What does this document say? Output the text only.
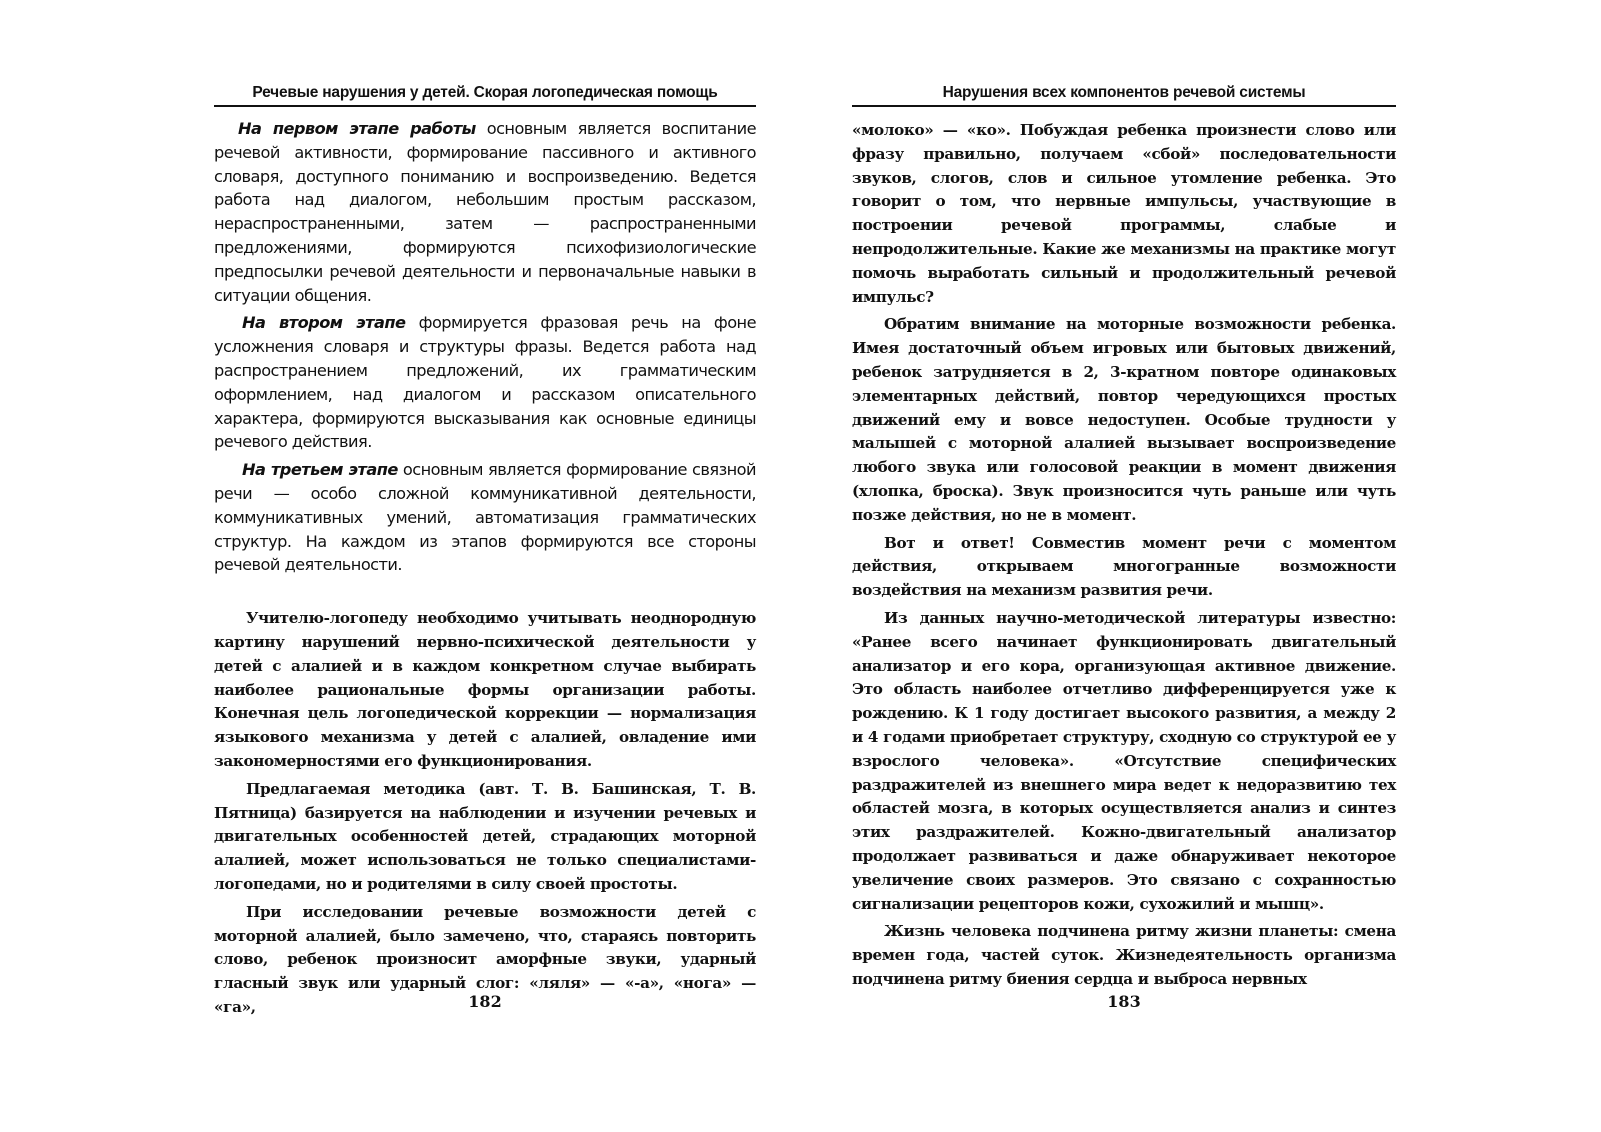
Речевые нарушения у детей. Скорая логопедическая помощь

На первом этапе работы основным является воспитание речевой активности, формирование пассивного и активного словаря, доступного пониманию и воспроизведению. Ведется работа над диалогом, небольшим простым рассказом, нераспространенными, затем — распространенными предложениями, формируются психофизиологические предпосылки речевой деятельности и первоначальные навыки в ситуации общения.

На втором этапе формируется фразовая речь на фоне усложнения словаря и структуры фразы. Ведется работа над распространением предложений, их грамматическим оформлением, над диалогом и рассказом описательного характера, формируются высказывания как основные единицы речевого действия.

На третьем этапе основным является формирование связной речи — особо сложной коммуникативной деятельности, коммуникативных умений, автоматизация грамматических структур. На каждом из этапов формируются все стороны речевой деятельности.

Учителю-логопеду необходимо учитывать неоднородную картину нарушений нервно-психической деятельности у детей с алалией и в каждом конкретном случае выбирать наиболее рациональные формы организации работы. Конечная цель логопедической коррекции — нормализация языкового механизма у детей с алалией, овладение ими закономерностями его функционирования.

Предлагаемая методика (авт. Т. В. Башинская, Т. В. Пятница) базируется на наблюдении и изучении речевых и двигательных особенностей детей, страдающих моторной алалией, может использоваться не только специалистами-логопедами, но и родителями в силу своей простоты.

При исследовании речевые возможности детей с моторной алалией, было замечено, что, стараясь повторить слово, ребенок произносит аморфные звуки, ударный гласный звук или ударный слог: «ляля» — «-а», «нога» — «га»,	182
Нарушения всех компонентов речевой системы

«молоко» — «ко». Побуждая ребенка произнести слово или фразу правильно, получаем «сбой» последовательности звуков, слогов, слов и сильное утомление ребенка. Это говорит о том, что нервные импульсы, участвующие в построении речевой программы, слабые и непродолжительные. Какие же механизмы на практике могут помочь выработать сильный и продолжительный речевой импульс?

Обратим внимание на моторные возможности ребенка. Имея достаточный объем игровых или бытовых движений, ребенок затрудняется в 2, 3-кратном повторе одинаковых элементарных действий, повтор чередующихся простых движений ему и вовсе недоступен. Особые трудности у малышей с моторной алалией вызывает воспроизведение любого звука или голосовой реакции в момент движения (хлопка, броска). Звук произносится чуть раньше или чуть позже действия, но не в момент.

Вот и ответ! Совместив момент речи с моментом действия, открываем многогранные возможности воздействия на механизм развития речи.

Из данных научно-методической литературы известно: «Ранее всего начинает функционировать двигательный анализатор и его кора, организующая активное движение. Это область наиболее отчетливо дифференцируется уже к рождению. К 1 году достигает высокого развития, а между 2 и 4 годами приобретает структуру, сходную со структурой ее у взрослого человека». «Отсутствие специфических раздражителей из внешнего мира ведет к недоразвитию тех областей мозга, в которых осуществляется анализ и синтез этих раздражителей. Кожно-двигательный анализатор продолжает развиваться и даже обнаруживает некоторое увеличение своих размеров. Это связано с сохранностью сигнализации рецепторов кожи, сухожилий и мышц».

Жизнь человека подчинена ритму жизни планеты: смена времен года, частей суток. Жизнедеятельность организма подчинена ритму биения сердца и выброса нервных

183
